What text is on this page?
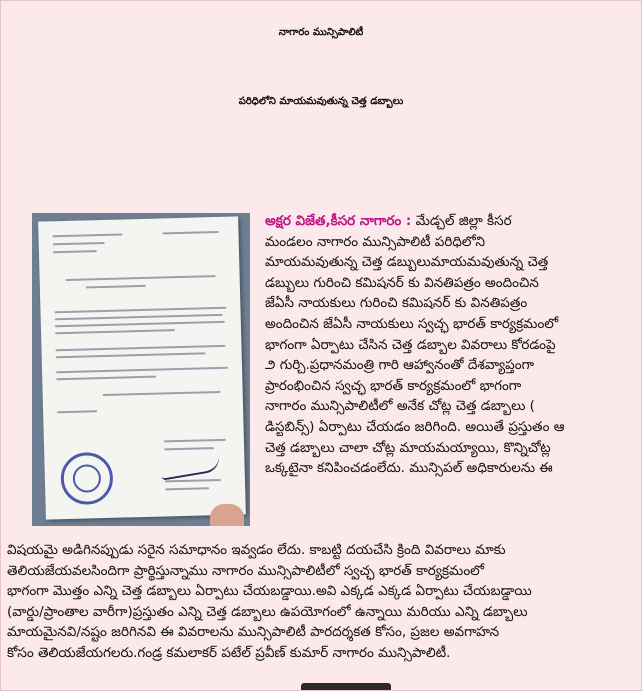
నాగారం మున్సిపాలిటీ
పరిధిలోని మాయమవుతున్న చెత్త డబ్బాలు
అక్షర విజేత,కీసర నాగారం : మేడ్చల్ జిల్లా కీసర
మండలం నాగారం మున్సిపాలిటీ పరిధిలోని
మాయమవుతున్న చెత్త డబ్బులుమాయమవుతున్న చెత్త
డబ్బులు గురించి కమిషనర్ కు వినతిపత్రం అందించిన
జేఏసీ నాయకులు గురించి కమిషనర్ కు వినతిపత్రం
అందించిన జేఏసీ నాయకులు స్వచ్ఛ భారత్ కార్యక్రమంలో
భాగంగా ఏర్పాటు చేసిన చెత్త డబ్బాల వివరాలు కోరడంపై
౨ గుర్చి.ప్రధానమంత్రి గారి ఆహ్వానంతో దేశవ్యాప్తంగా
ప్రారంభించిన స్వచ్ఛ భారత్ కార్యక్రమంలో భాగంగా
నాగారం మున్సిపాలిటీలో అనేక చోట్ల చెత్త డబ్బాలు (
డిస్టబిన్స్) ఏర్పాటు చేయడం జరిగింది. అయితే ప్రస్తుతం ఆ
చెత్త డబ్బాలు చాలా చోట్ల మాయమయ్యాయి, కొన్నిచోట్ల
ఒక్కటైనా కనిపించడంలేదు. మున్సిపల్ అధికారులను ఈ
విషయమై అడిగినప్పుడు సరైన సమాధానం ఇవ్వడం లేదు. కాబట్టి దయచేసి క్రింది వివరాలు మాకు
తెలియజేయవలసిందిగా ప్రార్థిస్తున్నాము నాగారం మున్సిపాలిటీలో స్వచ్ఛ భారత్ కార్యక్రమంలో
భాగంగా మొత్తం ఎన్ని చెత్త డబ్బాలు ఏర్పాటు చేయబడ్డాయి.అవి ఎక్కడ ఎక్కడ ఏర్పాటు చేయబడ్డాయి
(వార్డు/ప్రాంతాల వారీగా)ప్రస్తుతం ఎన్ని చెత్త డబ్బాలు ఉపయోగంలో ఉన్నాయి మరియు ఎన్ని డబ్బాలు
మాయమైనవి/నష్టం జరిగినవి ఈ వివరాలను మున్సిపాలిటీ పారదర్శకత కోసం, ప్రజల అవగాహన
కోసం తెలియజేయగలరు.గండ్ర కమలాకర్ పటేల్ ప్రవీణ్ కుమార్ నాగారం మున్సిపాలిటీ.
